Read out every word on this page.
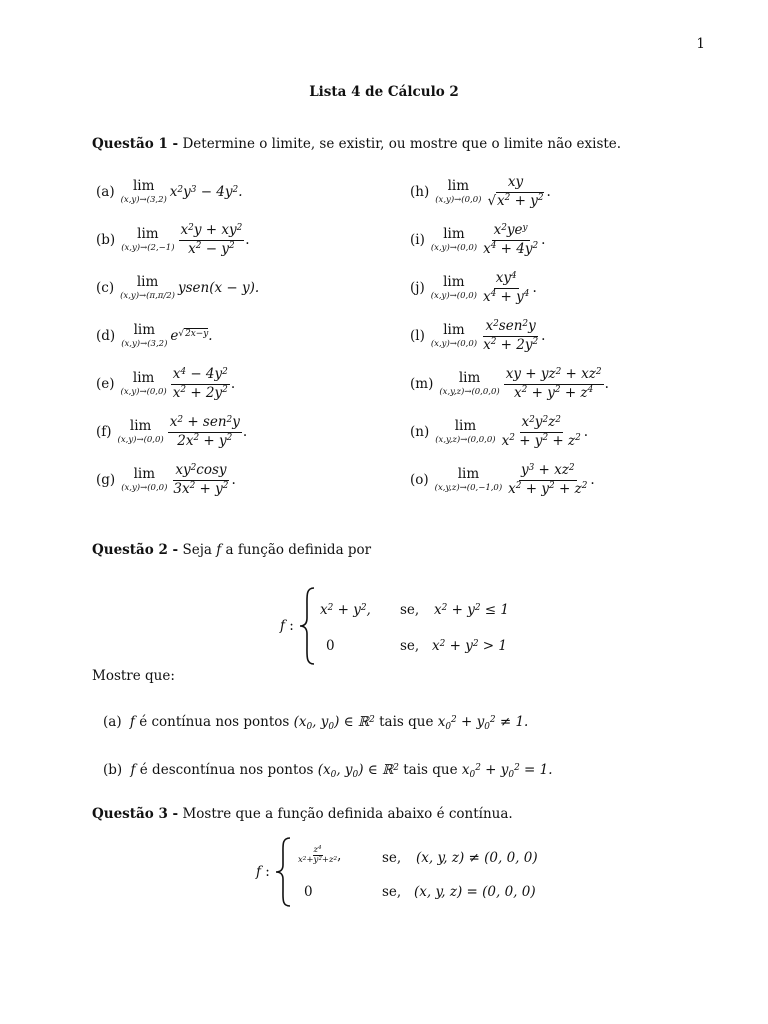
1
Lista 4 de Cálculo 2
Questão 1 - Determine o limite, se existir, ou mostre que o limite não existe.
(a) lim
(x,y)→(3,2) $x^2y^3 - 4y^2$.
(b) lim
$(x,y)\to(2,-1) \frac{x^2y + xy^2}{x^2 - y^2}$ .
(c) lim
(x,y)→(π,π/2) ysen(x − y).
(d) lim
(x,y)→(3,2) $e^{√2x-y}$.
(e) lim
$(x,y)\to(0,0) \frac{x^4 - 4y^2}{x^2 + 2y^2}$ .
(f) lim
$(x,y)\to(0,0) \frac{x^2 + sen^2y}{2x^2 + y^2}$ .
(g) lim
$(x,y)\to(0,0) \frac{xy^2\cos y}{3x^2 + y^2}$ .
(h) lim
$(x,y)\to(0,0) \frac{xy}{√x^2 + y^2}$ .
(i) lim
$(x,y)\to(0,0) \frac{x^2ye^y}{x^4 + 4y^2}$ .
(j) lim
$(x,y)\to(0,0) \frac{xy^4}{x^4 + y^4}$ .
(l) lim
$(x,y)\to(0,0) \frac{x^2sen^2y}{x^2 + 2y^2}$ .
(m) lim
$(x,y,z)\to(0,0,0) \frac{xy + yz^2 + xz^2}{x^2 + y^2 + z^4}$ .
(n) lim
$(x,y,z)\to(0,0,0) \frac{x^2y^2z^2}{x^2 + y^2 + z^2}$ .
(o) lim
$(x,y,z)\to(0,-1,0) \frac{y^3 + xz^2}{x^2 + y^2 + z^2}$ .
Questão 2 - Seja f a função definida por
f :
$x^2 + y^2$, se, $x^2 + y^2 \le 1$
0	se, $x^2 + y^2 > 1$
Mostre que:
(a) f é contínua nos pontos ($x_0$, $y_0$) ∈ ℝ$^2$ tais que $x_0^2 + y_0^2 \ne 1$.
(b) f é descontínua nos pontos ($x_0$, $y_0$) ∈ ℝ$^2$ tais que $x_0^2 + y_0^2 = 1$.
Questão 3 - Mostre que a função definida abaixo é contínua.
f :
$\frac{z^4}{x^2+y^2+z^2}$ ,	se, (x, y, z) ≠ (0, 0, 0)
0	se, (x, y, z) = (0, 0, 0)
